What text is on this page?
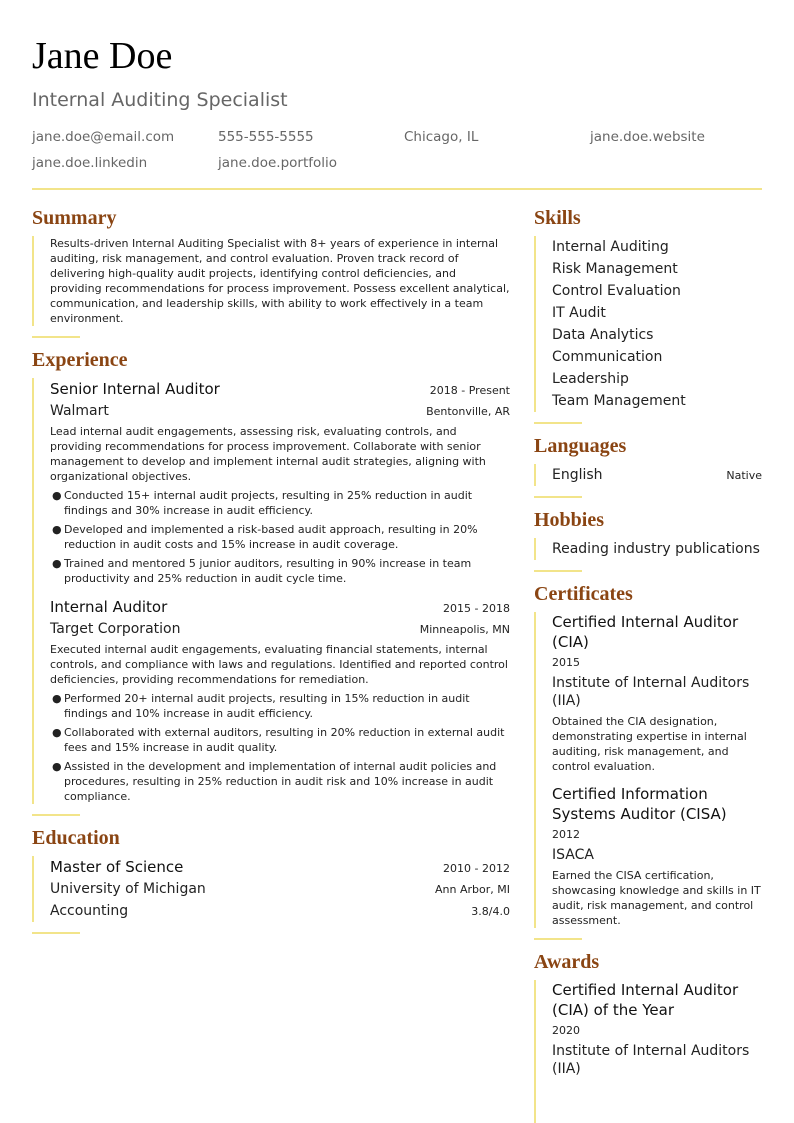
Jane Doe
Internal Auditing Specialist
jane.doe@email.com	555-555-5555	Chicago, IL	jane.doe.website
jane.doe.linkedin	jane.doe.portfolio
Summary

Results-driven Internal Auditing Specialist with 8+ years of experience in internal auditing, risk management, and control evaluation. Proven track record of delivering high-quality audit projects, identifying control deficiencies, and providing recommendations for process improvement. Possess excellent analytical, communication, and leadership skills, with ability to work effectively in a team environment.

Experience
Senior Internal Auditor	2018 - Present
Walmart	Bentonville, AR

Lead internal audit engagements, assessing risk, evaluating controls, and providing recommendations for process improvement. Collaborate with senior management to develop and implement internal audit strategies, aligning with organizational objectives.

● Conducted 15+ internal audit projects, resulting in 25% reduction in audit findings and 30% increase in audit efficiency.
● Developed and implemented a risk-based audit approach, resulting in 20% reduction in audit costs and 15% increase in audit coverage.
● Trained and mentored 5 junior auditors, resulting in 90% increase in team productivity and 25% reduction in audit cycle time.
Internal Auditor	2015 - 2018
Target Corporation	Minneapolis, MN

Executed internal audit engagements, evaluating financial statements, internal controls, and compliance with laws and regulations. Identified and reported control deficiencies, providing recommendations for remediation.

● Performed 20+ internal audit projects, resulting in 15% reduction in audit findings and 10% increase in audit efficiency.
● Collaborated with external auditors, resulting in 20% reduction in external audit fees and 15% increase in audit quality.
● Assisted in the development and implementation of internal audit policies and procedures, resulting in 25% reduction in audit risk and 10% increase in audit compliance.
Education
Master of Science	2010 - 2012
University of Michigan	Ann Arbor, MI
Accounting	3.8/4.0
Skills
Internal Auditing
Risk Management
Control Evaluation
IT Audit
Data Analytics
Communication
Leadership
Team Management
Languages
English	Native
Hobbies
Reading industry publications
Certificates
Certified Internal Auditor (CIA)
2015
Institute of Internal Auditors (IIA)
Obtained the CIA designation, demonstrating expertise in internal auditing, risk management, and control evaluation.
Certified Information Systems Auditor (CISA)
2012
ISACA
Earned the CISA certification, showcasing knowledge and skills in IT audit, risk management, and control assessment.
Awards
Certified Internal Auditor (CIA) of the Year
2020
Institute of Internal Auditors (IIA)
